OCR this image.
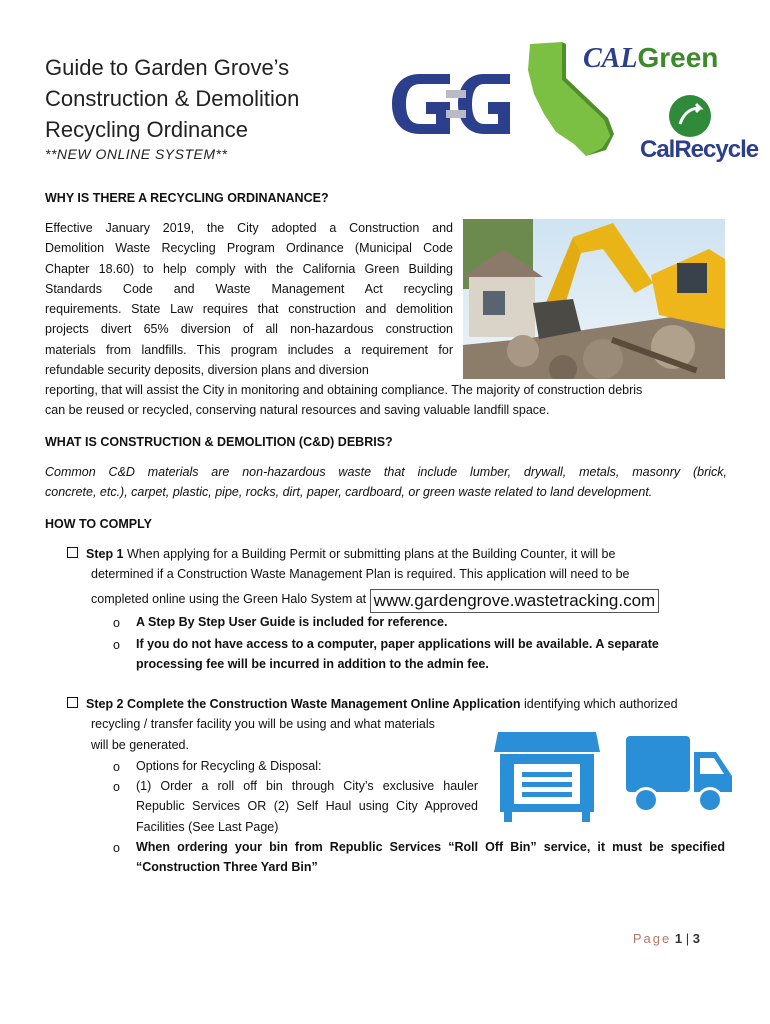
Guide to Garden Grove’s
Construction & Demolition
Recycling Ordinance
**NEW ONLINE SYSTEM**
CALGreen
CalRecycle
WHY IS THERE A RECYCLING ORDINANANCE?
Effective January 2019, the City adopted a Construction and
Demolition Waste Recycling Program Ordinance (Municipal Code
Chapter 18.60) to help comply with the California Green Building
Standards Code and Waste Management Act recycling
requirements. State Law requires that construction and demolition
projects divert 65% diversion of all non-hazardous construction
materials from landfills. This program includes a requirement for
refundable security deposits, diversion plans and diversion
reporting, that will assist the City in monitoring and obtaining compliance. The majority of construction debris
can be reused or recycled, conserving natural resources and saving valuable landfill space.
WHAT IS CONSTRUCTION & DEMOLITION (C&D) DEBRIS?
Common C&D materials are non-hazardous waste that include lumber, drywall, metals, masonry (brick,
concrete, etc.), carpet, plastic, pipe, rocks, dirt, paper, cardboard, or green waste related to land development.
HOW TO COMPLY
Step 1 When applying for a Building Permit or submitting plans at the Building Counter, it will be
determined if a Construction Waste Management Plan is required. This application will need to be
completed online using the Green Halo System at www.gardengrove.wastetracking.com
o A Step By Step User Guide is included for reference.
o If you do not have access to a computer, paper applications will be available. A separate
processing fee will be incurred in addition to the admin fee.
Step 2 Complete the Construction Waste Management Online Application identifying which authorized
recycling / transfer facility you will be using and what materials
will be generated.
o Options for Recycling & Disposal:
o (1) Order a roll off bin through City’s exclusive hauler
Republic Services OR (2) Self Haul using City Approved
Facilities (See Last Page)
o When ordering your bin from Republic Services “Roll Off Bin” service, it must be specified
“Construction Three Yard Bin”
Page 1 | 3
